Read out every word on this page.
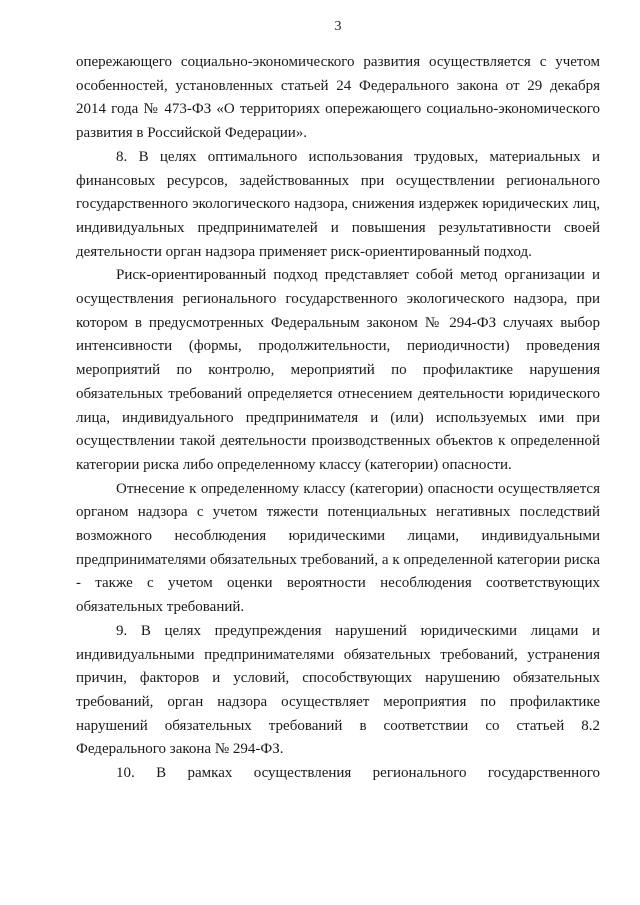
3

опережающего социально-экономического развития осуществляется с учетом особенностей, установленных статьей 24 Федерального закона от 29 декабря 2014 года № 473-ФЗ «О территориях опережающего социально-экономического развития в Российской Федерации».

8. В целях оптимального использования трудовых, материальных и финансовых ресурсов, задействованных при осуществлении регионального государственного экологического надзора, снижения издержек юридических лиц, индивидуальных предпринимателей и повышения результативности своей деятельности орган надзора применяет риск-ориентированный подход.

Риск-ориентированный подход представляет собой метод организации и осуществления регионального государственного экологического надзора, при котором в предусмотренных Федеральным законом № 294-ФЗ случаях выбор интенсивности (формы, продолжительности, периодичности) проведения мероприятий по контролю, мероприятий по профилактике нарушения обязательных требований определяется отнесением деятельности юридического лица, индивидуального предпринимателя и (или) используемых ими при осуществлении такой деятельности производственных объектов к определенной категории риска либо определенному классу (категории) опасности.

Отнесение к определенному классу (категории) опасности осуществляется органом надзора с учетом тяжести потенциальных негативных последствий возможного несоблюдения юридическими лицами, индивидуальными предпринимателями обязательных требований, а к определенной категории риска - также с учетом оценки вероятности несоблюдения соответствующих обязательных требований.

9. В целях предупреждения нарушений юридическими лицами и индивидуальными предпринимателями обязательных требований, устранения причин, факторов и условий, способствующих нарушению обязательных требований, орган надзора осуществляет мероприятия по профилактике нарушений обязательных требований в соответствии со статьей 8.2 Федерального закона № 294-ФЗ.

10. В рамках осуществления регионального государственного
